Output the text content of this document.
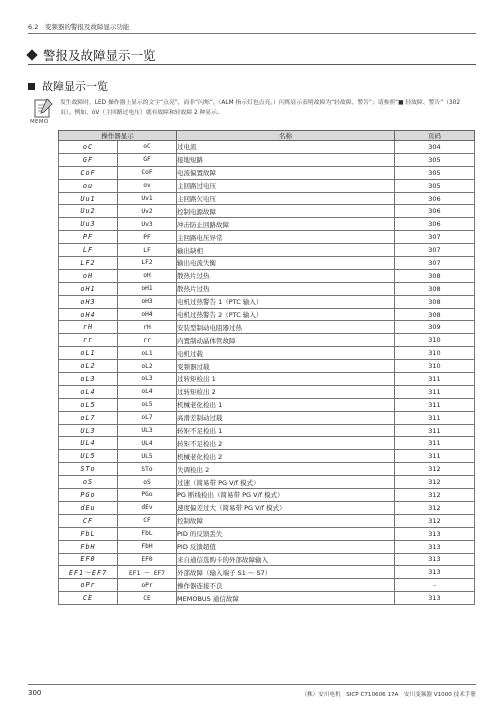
6.2　变频器的警报及故障显示功能
警报及故障显示一览
故障显示一览
MEMO
发生故障时，LED 操作器上显示的文字“点亮”，而非“闪烁”。（ALM 指示灯也点亮。）闪烁显示表明故障为“轻故障、警告”；请参照“■ 轻故障、警告”（302 页）。例如，oV（主回路过电压）就有故障和轻故障 2 种显示。
操作器显示		名称	页码
oC	oC	过电流	304
GF	GF	接地短路	305
CoF	CoF	电流偏置故障	305
ou	ov	主回路过电压	305
Uu1	Uv1	主回路欠电压	306
Uu2	Uv2	控制电源故障	306
Uu3	Uv3	冲击防止回路故障	306
PF	PF	主回路电压异常	307
LF	LF	输出缺相	307
LF2	LF2	输出电流失衡	307
oH	oH	散热片过热	308
oH1	oH1	散热片过热	308
oH3	oH3	电机过热警告 1（PTC 输入）	308
oH4	oH4	电机过热警告 2（PTC 输入）	308
rH	rH	安装型制动电阻器过热	309
rr	rr	内置制动晶体管故障	310
oL1	oL1	电机过载	310
oL2	oL2	变频器过载	310
oL3	oL3	过转矩检出 1	311
oL4	oL4	过转矩检出 2	311
oL5	oL5	机械老化检出 1	311
oL7	oL7	高滑差制动过载	311
UL3	UL3	转矩不足检出 1	311
UL4	UL4	转矩不足检出 2	311
UL5	UL5	机械老化检出 2	311
STo	STo	失调检出 2	312
oS	oS	过速（简易带 PG V/f 模式）	312
PGo	PGo	PG 断线检出（简易带 PG V/f 模式）	312
dEu	dEv	速度偏差过大（简易带 PG V/f 模式）	312
CF	CF	控制故障	312
FbL	FbL	PID 的反馈丢失	313
FbH	FbH	PID 反馈超值	313
EF0	EF0	来自通信选购卡的外部故障输入	313
EF1～EF7	EF1 ～ EF7	外部故障（输入端子 S1 ～ S7）	313
oPr	oPr	操作器连接不良	-
CE	CE	MEMOBUS 通信故障	313
300	（株）安川电机　SICP C710606 17A　安川变频器 V1000 技术手册
